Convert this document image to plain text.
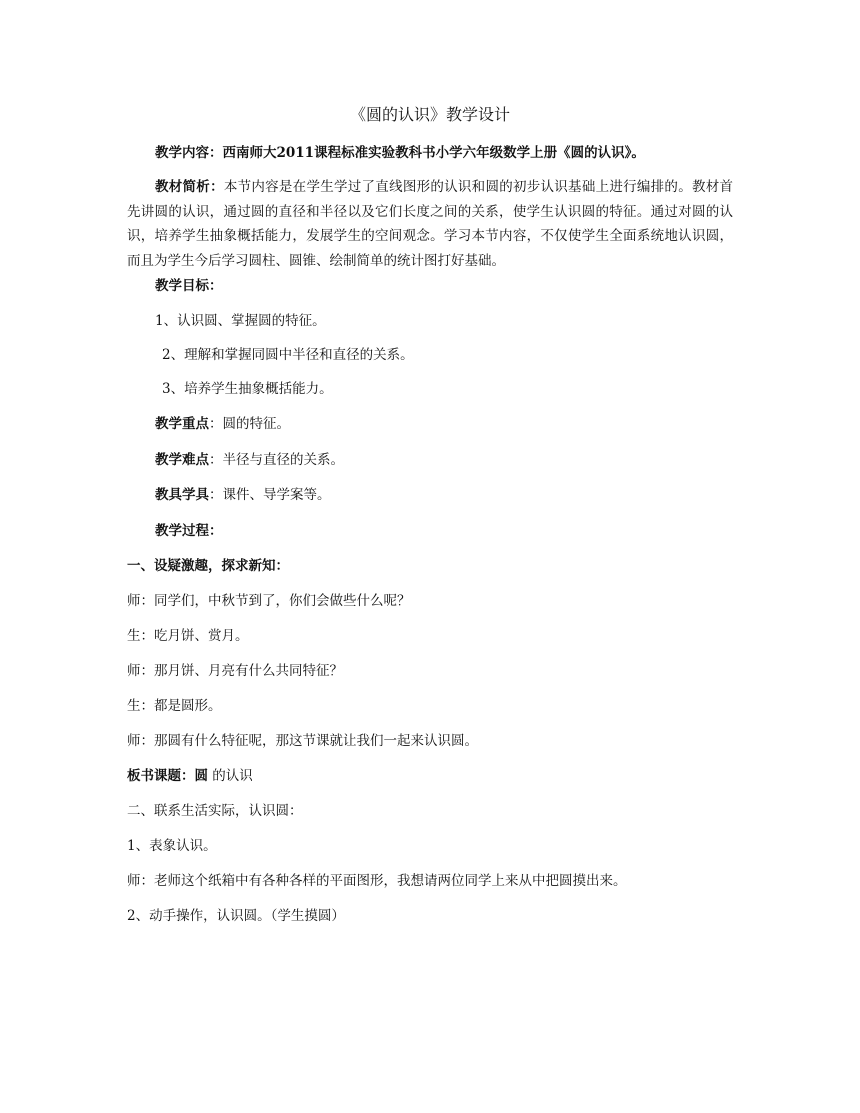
《圆的认识》教学设计
教学内容：西南师大2011课程标准实验教科书小学六年级数学上册《圆的认识》。
教材简析：本节内容是在学生学过了直线图形的认识和圆的初步认识基础上进行编排的。教材首先讲圆的认识，通过圆的直径和半径以及它们长度之间的关系，使学生认识圆的特征。通过对圆的认识，培养学生抽象概括能力，发展学生的空间观念。学习本节内容，不仅使学生全面系统地认识圆，而且为学生今后学习圆柱、圆锥、绘制简单的统计图打好基础。
教学目标：
1、认识圆、掌握圆的特征。
2、理解和掌握同圆中半径和直径的关系。
3、培养学生抽象概括能力。
教学重点：圆的特征。
教学难点：半径与直径的关系。
教具学具：课件、导学案等。
教学过程：
一、设疑激趣，探求新知：
师：同学们，中秋节到了，你们会做些什么呢？
生：吃月饼、赏月。
师：那月饼、月亮有什么共同特征？
生：都是圆形。
师：那圆有什么特征呢，那这节课就让我们一起来认识圆。
板书课题：圆 的认识
二、联系生活实际，认识圆：
1、表象认识。
师：老师这个纸箱中有各种各样的平面图形，我想请两位同学上来从中把圆摸出来。
2、动手操作，认识圆。（学生摸圆）
